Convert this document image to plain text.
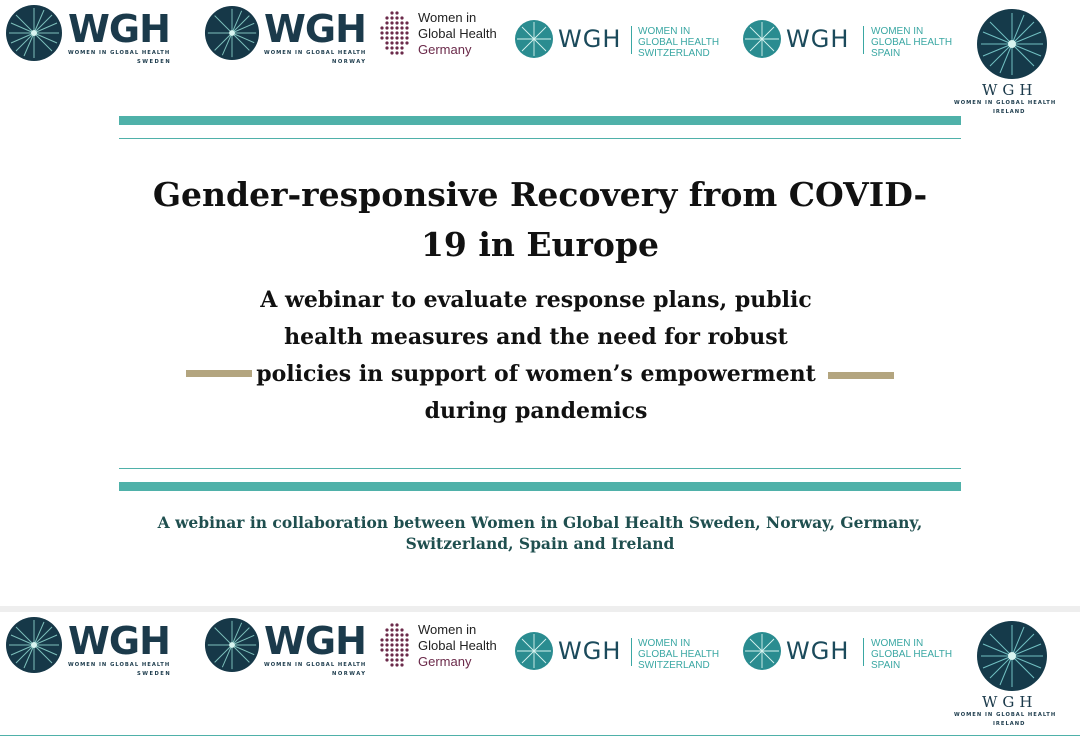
WGH
WOMEN IN GLOBAL HEALTH
SWEDEN
WGH
WOMEN IN GLOBAL HEALTH
NORWAY
Women in
Global Health
Germany	WGH WOMEN IN
GLOBAL HEALTH
SWITZERLAND
WGH WOMEN IN
GLOBAL HEALTH
SPAIN
WGH
WOMEN IN GLOBAL HEALTH
IRELAND
Gender-responsive Recovery from COVID-19 in Europe
A webinar to evaluate response plans, public health measures and the need for robust policies in support of women’s empowerment during pandemics
A webinar in collaboration between Women in Global Health Sweden, Norway, Germany, Switzerland, Spain and Ireland
WGH
WOMEN IN GLOBAL HEALTH
SWEDEN
WGH
WOMEN IN GLOBAL HEALTH
NORWAY
Women in
Global Health
Germany	WGH WOMEN IN
GLOBAL HEALTH
SWITZERLAND
WGH WOMEN IN
GLOBAL HEALTH
SPAIN
WGH
WOMEN IN GLOBAL HEALTH
IRELAND
